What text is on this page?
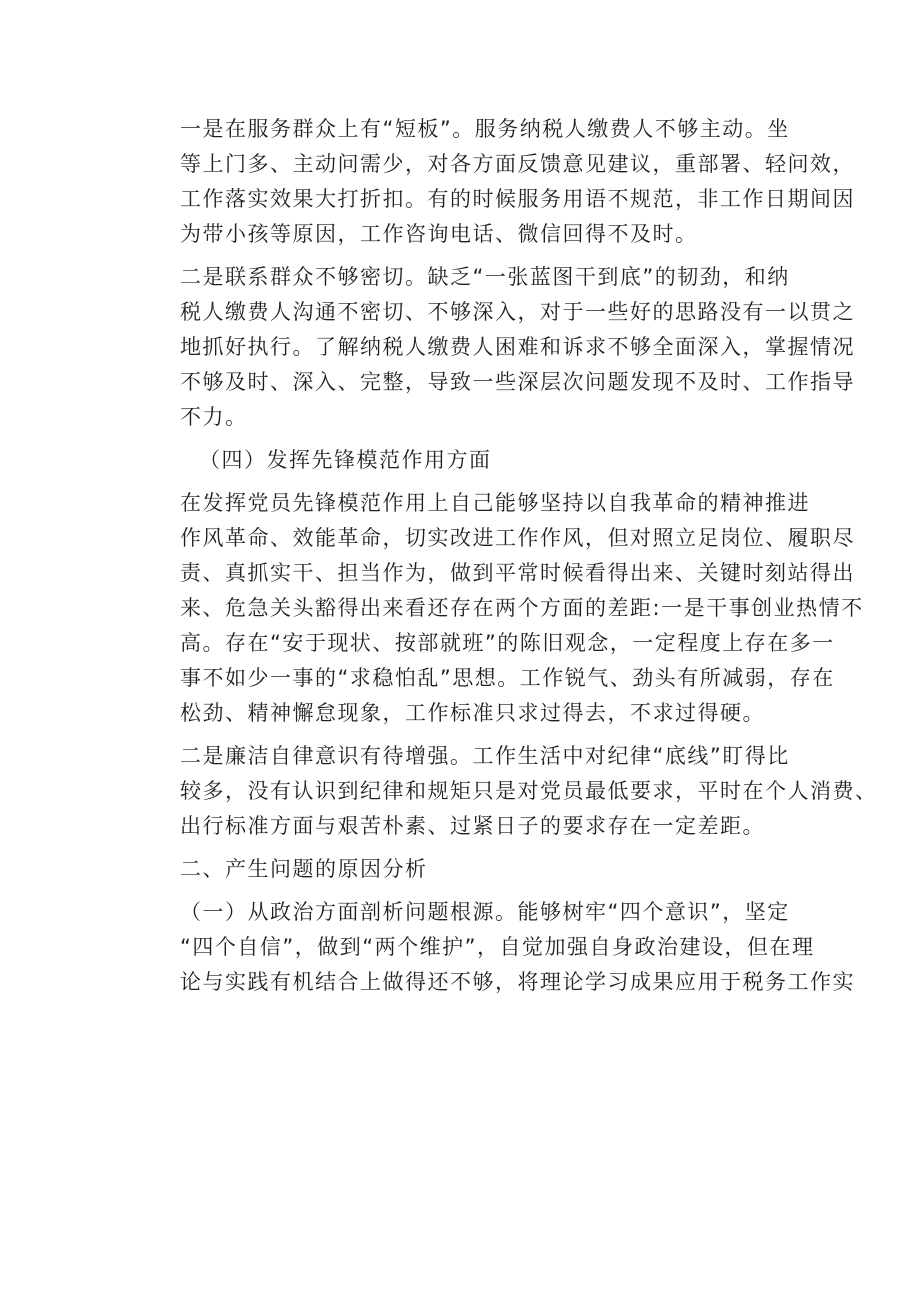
一是在服务群众上有“短板”。服务纳税人缴费人不够主动。坐
等上门多、主动问需少，对各方面反馈意见建议，重部署、轻问效，
工作落实效果大打折扣。有的时候服务用语不规范，非工作日期间因
为带小孩等原因，工作咨询电话、微信回得不及时。

二是联系群众不够密切。缺乏“一张蓝图干到底”的韧劲，和纳
税人缴费人沟通不密切、不够深入，对于一些好的思路没有一以贯之
地抓好执行。了解纳税人缴费人困难和诉求不够全面深入，掌握情况
不够及时、深入、完整，导致一些深层次问题发现不及时、工作指导
不力。

（四）发挥先锋模范作用方面

在发挥党员先锋模范作用上自己能够坚持以自我革命的精神推进
作风革命、效能革命，切实改进工作作风，但对照立足岗位、履职尽
责、真抓实干、担当作为，做到平常时候看得出来、关键时刻站得出
来、危急关头豁得出来看还存在两个方面的差距:一是干事创业热情不
高。存在“安于现状、按部就班”的陈旧观念，一定程度上存在多一
事不如少一事的“求稳怕乱”思想。工作锐气、劲头有所减弱，存在
松劲、精神懈怠现象，工作标准只求过得去，不求过得硬。

二是廉洁自律意识有待增强。工作生活中对纪律“底线”盯得比
较多，没有认识到纪律和规矩只是对党员最低要求，平时在个人消费、
出行标准方面与艰苦朴素、过紧日子的要求存在一定差距。

二、产生问题的原因分析

（一）从政治方面剖析问题根源。能够树牢“四个意识”，坚定
“四个自信”，做到“两个维护”，自觉加强自身政治建设，但在理
论与实践有机结合上做得还不够，将理论学习成果应用于税务工作实
